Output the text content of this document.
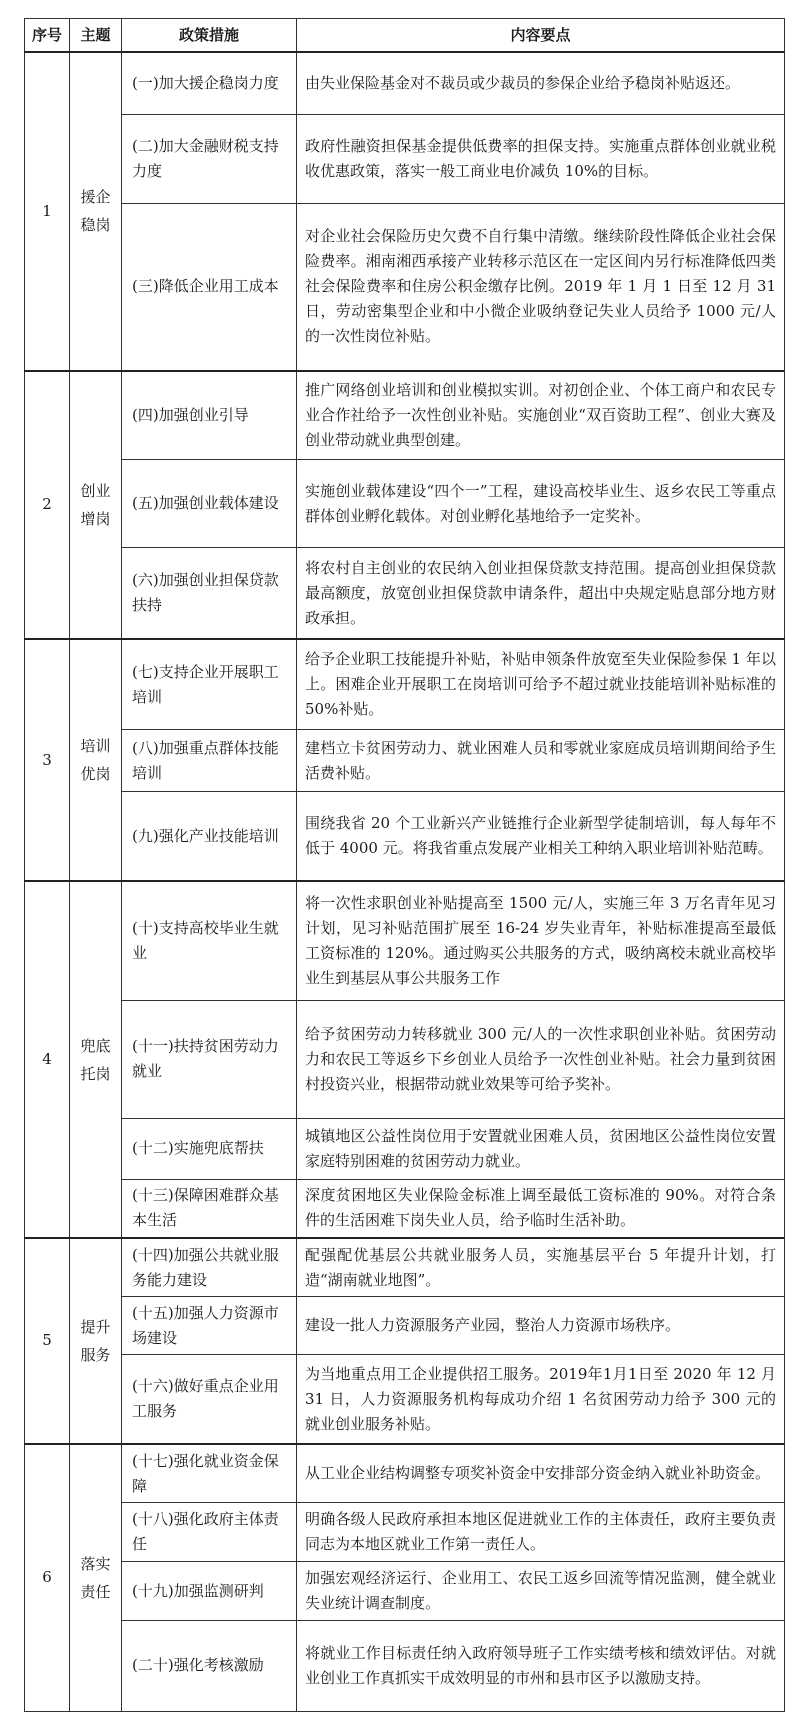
序号	主题	政策措施	内容要点
1	援企稳岗	(一)加大援企稳岗力度	由失业保险基金对不裁员或少裁员的参保企业给予稳岗补贴返还。
		(二)加大金融财税支持力度	政府性融资担保基金提供低费率的担保支持。实施重点群体创业就业税收优惠政策，落实一般工商业电价减负 10%的目标。
		(三)降低企业用工成本	对企业社会保险历史欠费不自行集中清缴。继续阶段性降低企业社会保险费率。湘南湘西承接产业转移示范区在一定区间内另行标准降低四类社会保险费率和住房公积金缴存比例。2019 年 1 月 1 日至 12 月 31 日，劳动密集型企业和中小微企业吸纳登记失业人员给予 1000 元/人的一次性岗位补贴。
2	创业增岗	(四)加强创业引导	推广网络创业培训和创业模拟实训。对初创企业、个体工商户和农民专业合作社给予一次性创业补贴。实施创业“双百资助工程”、创业大赛及创业带动就业典型创建。
		(五)加强创业载体建设	实施创业载体建设“四个一”工程，建设高校毕业生、返乡农民工等重点群体创业孵化载体。对创业孵化基地给予一定奖补。
		(六)加强创业担保贷款扶持	将农村自主创业的农民纳入创业担保贷款支持范围。提高创业担保贷款最高额度，放宽创业担保贷款申请条件，超出中央规定贴息部分地方财政承担。
3	培训优岗	(七)支持企业开展职工培训	给予企业职工技能提升补贴，补贴申领条件放宽至失业保险参保 1 年以上。困难企业开展职工在岗培训可给予不超过就业技能培训补贴标准的 50%补贴。
		(八)加强重点群体技能培训	建档立卡贫困劳动力、就业困难人员和零就业家庭成员培训期间给予生活费补贴。
		(九)强化产业技能培训	围绕我省 20 个工业新兴产业链推行企业新型学徒制培训，每人每年不低于 4000 元。将我省重点发展产业相关工种纳入职业培训补贴范畴。
4	兜底托岗	(十)支持高校毕业生就业	将一次性求职创业补贴提高至 1500 元/人，实施三年 3 万名青年见习计划，见习补贴范围扩展至 16-24 岁失业青年，补贴标准提高至最低工资标准的 120%。通过购买公共服务的方式，吸纳离校未就业高校毕业生到基层从事公共服务工作
		(十一)扶持贫困劳动力就业	给予贫困劳动力转移就业 300 元/人的一次性求职创业补贴。贫困劳动力和农民工等返乡下乡创业人员给予一次性创业补贴。社会力量到贫困村投资兴业，根据带动就业效果等可给予奖补。
		(十二)实施兜底帮扶	城镇地区公益性岗位用于安置就业困难人员，贫困地区公益性岗位安置家庭特别困难的贫困劳动力就业。
		(十三)保障困难群众基本生活	深度贫困地区失业保险金标准上调至最低工资标准的 90%。对符合条件的生活困难下岗失业人员，给予临时生活补助。
5	提升服务	(十四)加强公共就业服务能力建设	配强配优基层公共就业服务人员，实施基层平台 5 年提升计划，打造“湖南就业地图”。
		(十五)加强人力资源市场建设	建设一批人力资源服务产业园，整治人力资源市场秩序。
		(十六)做好重点企业用工服务	为当地重点用工企业提供招工服务。2019年1月1日至 2020 年 12 月 31 日，人力资源服务机构每成功介绍 1 名贫困劳动力给予 300 元的就业创业服务补贴。
6	落实责任	(十七)强化就业资金保障	从工业企业结构调整专项奖补资金中安排部分资金纳入就业补助资金。
		(十八)强化政府主体责任	明确各级人民政府承担本地区促进就业工作的主体责任，政府主要负责同志为本地区就业工作第一责任人。
		(十九)加强监测研判	加强宏观经济运行、企业用工、农民工返乡回流等情况监测，健全就业失业统计调查制度。
		(二十)强化考核激励	将就业工作目标责任纳入政府领导班子工作实绩考核和绩效评估。对就业创业工作真抓实干成效明显的市州和县市区予以激励支持。
